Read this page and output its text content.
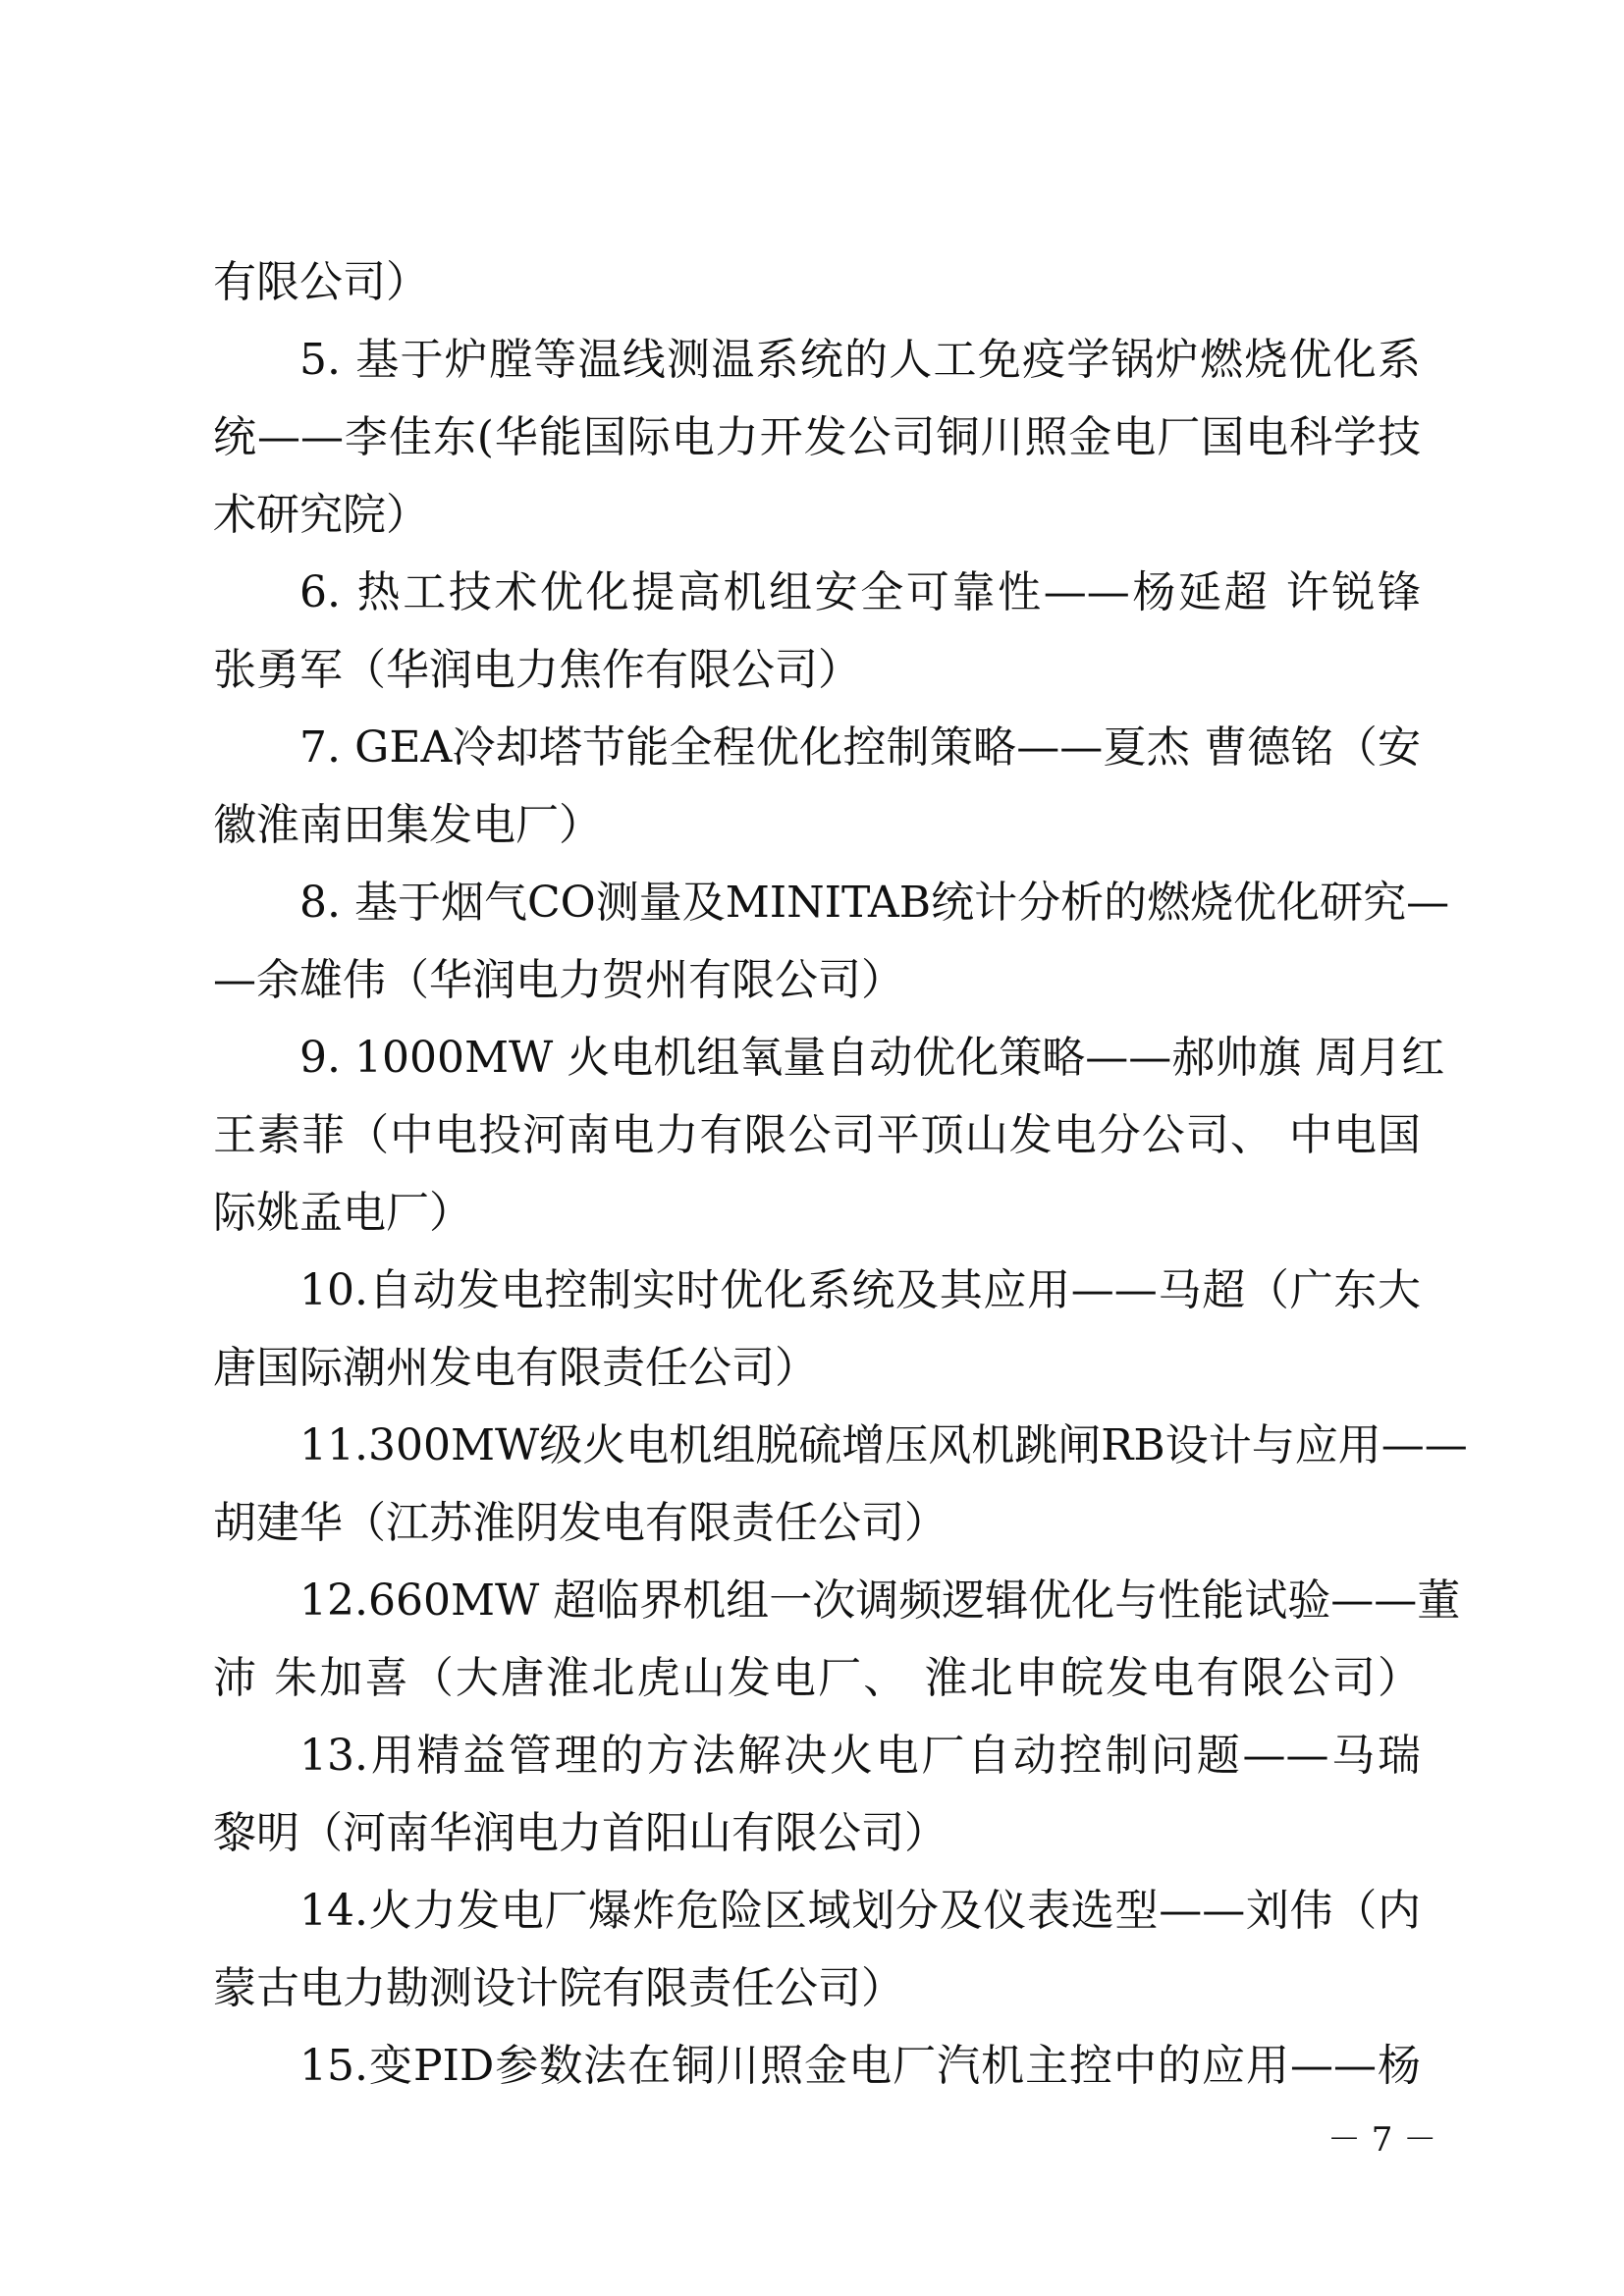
有限公司）
5. 基于炉膛等温线测温系统的人工免疫学锅炉燃烧优化系
统——李佳东(华能国际电力开发公司铜川照金电厂国电科学技
术研究院）
6. 热工技术优化提高机组安全可靠性——杨延超 许锐锋
张勇军（华润电力焦作有限公司）
7. GEA冷却塔节能全程优化控制策略——夏杰 曹德铭（安
徽淮南田集发电厂）
8. 基于烟气CO测量及MINITAB统计分析的燃烧优化研究—
—余雄伟（华润电力贺州有限公司）
9. 1000MW 火电机组氧量自动优化策略——郝帅旗 周月红
王素菲（中电投河南电力有限公司平顶山发电分公司、 中电国
际姚孟电厂）
10.自动发电控制实时优化系统及其应用——马超（广东大
唐国际潮州发电有限责任公司）
11.300MW级火电机组脱硫增压风机跳闸RB设计与应用——
胡建华（江苏淮阴发电有限责任公司）
12.660MW 超临界机组一次调频逻辑优化与性能试验——董
沛 朱加喜（大唐淮北虎山发电厂、 淮北申皖发电有限公司）
13.用精益管理的方法解决火电厂自动控制问题——马瑞
黎明（河南华润电力首阳山有限公司）
14.火力发电厂爆炸危险区域划分及仪表选型——刘伟（内
蒙古电力勘测设计院有限责任公司）
15.变PID参数法在铜川照金电厂汽机主控中的应用——杨
－ 7 －
